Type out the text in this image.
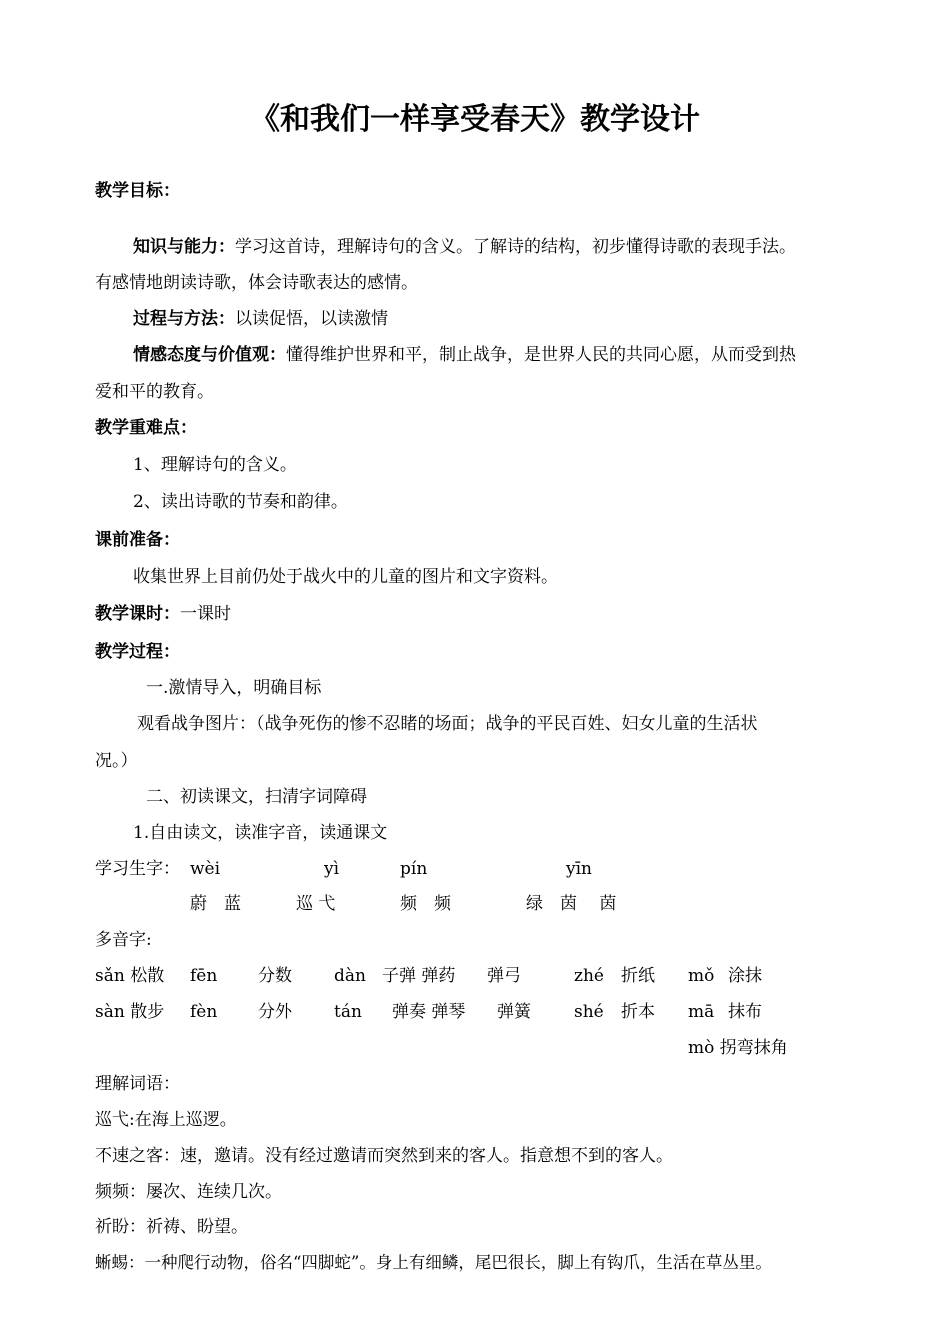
《和我们一样享受春天》教学设计
教学目标：
知识与能力：学习这首诗，理解诗句的含义。了解诗的结构，初步懂得诗歌的表现手法。
有感情地朗读诗歌，体会诗歌表达的感情。
过程与方法：以读促悟，以读激情
情感态度与价值观：懂得维护世界和平，制止战争，是世界人民的共同心愿，从而受到热
爱和平的教育。
教学重难点：
1、理解诗句的含义。
2、读出诗歌的节奏和韵律。
课前准备：
收集世界上目前仍处于战火中的儿童的图片和文字资料。
教学课时：一课时
教学过程：
一.激情导入，明确目标
观看战争图片：（战争死伤的惨不忍睹的场面；战争的平民百姓、妇女儿童的生活状
况。）
二、初读课文，扫清字词障碍
1.自由读文，读准字音，读通课文
学习生字： wèi	yì	pín	yīn
蔚　蓝	巡 弋	频　频	绿　茵　 茵
多音字:
sǎn 松散 fēn 分数 dàn 子弹 弹药 弹弓	zhé 折纸 mǒ 涂抹
sàn 散步 fèn 分外 tán 弹奏 弹琴 弹簧	shé 折本 mā 抹布
mò 拐弯抹角
理解词语：
巡弋:在海上巡逻。
不速之客：速，邀请。没有经过邀请而突然到来的客人。指意想不到的客人。
频频：屡次、连续几次。
祈盼：祈祷、盼望。
蜥蜴：一种爬行动物，俗名“四脚蛇”。身上有细鳞，尾巴很长，脚上有钩爪，生活在草丛里。
